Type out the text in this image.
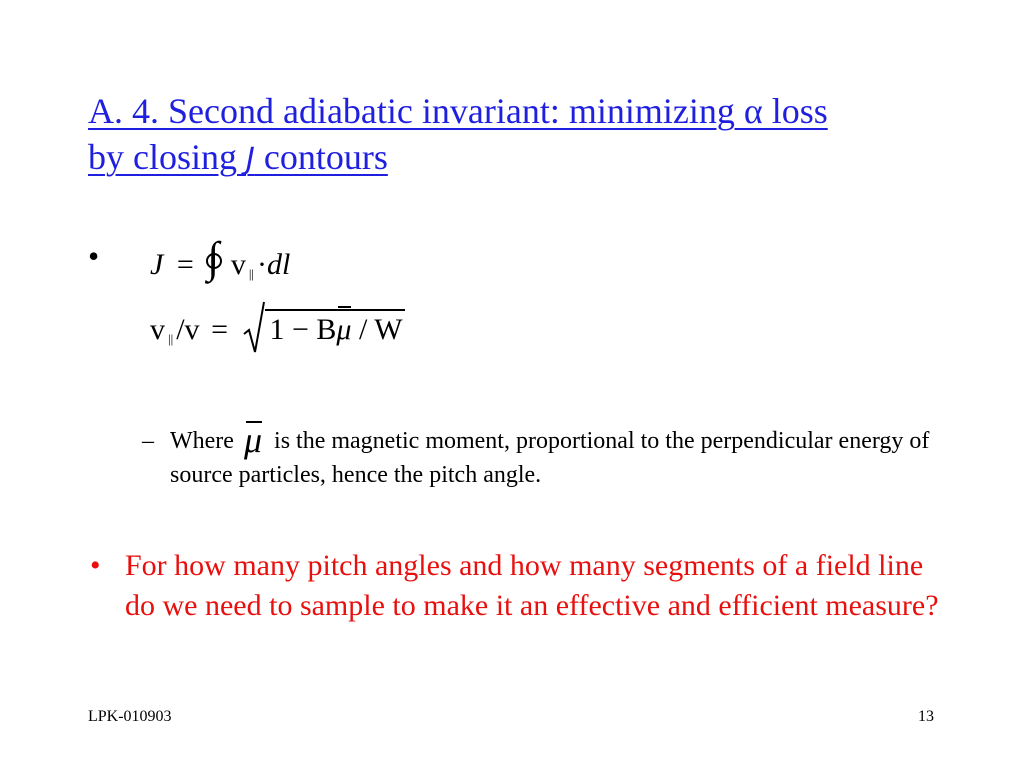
A. 4. Second adiabatic invariant: minimizing α loss
by closing J contours
• J = ∫ v || ·dl
v || /v = 1 − Bμ / W
– Where μ is the magnetic moment, proportional to the perpendicular energy of source particles, hence the pitch angle.
• For how many pitch angles and how many segments of a field line do we need to sample to make it an effective and efficient measure?
LPK-010903	13
